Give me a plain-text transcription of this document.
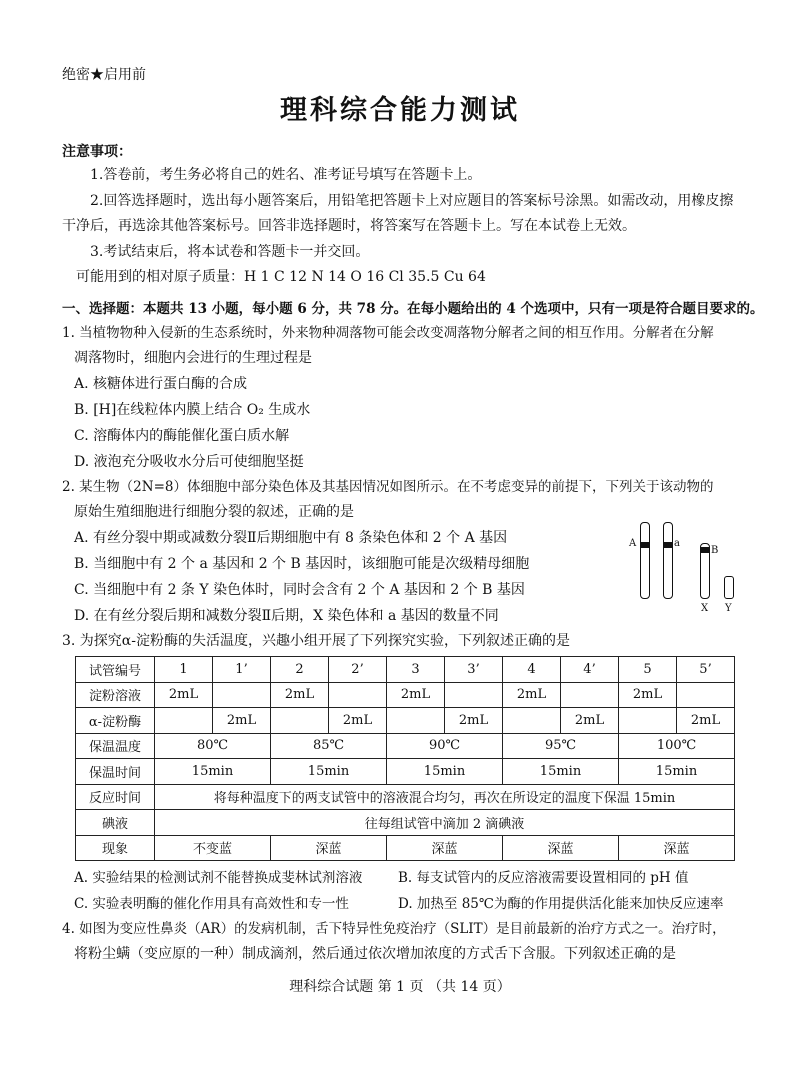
绝密★启用前
理科综合能力测试
注意事项：
1.答卷前，考生务必将自己的姓名、准考证号填写在答题卡上。
2.回答选择题时，选出每小题答案后，用铅笔把答题卡上对应题目的答案标号涂黑。如需改动，用橡皮擦
干净后，再选涂其他答案标号。回答非选择题时，将答案写在答题卡上。写在本试卷上无效。
3.考试结束后，将本试卷和答题卡一并交回。
可能用到的相对原子质量：H 1 C 12 N 14 O 16 Cl 35.5 Cu 64
一、选择题：本题共 13 小题，每小题 6 分，共 78 分。在每小题给出的 4 个选项中，只有一项是符合题目要求的。
1. 当植物物种入侵新的生态系统时，外来物种凋落物可能会改变凋落物分解者之间的相互作用。分解者在分解
凋落物时，细胞内会进行的生理过程是
A. 核糖体进行蛋白酶的合成
B. [H]在线粒体内膜上结合 O₂ 生成水
C. 溶酶体内的酶能催化蛋白质水解
D. 液泡充分吸收水分后可使细胞坚挺
2. 某生物（2N=8）体细胞中部分染色体及其基因情况如图所示。在不考虑变异的前提下，下列关于该动物的
原始生殖细胞进行细胞分裂的叙述，正确的是
A. 有丝分裂中期或减数分裂Ⅱ后期细胞中有 8 条染色体和 2 个 A 基因
B. 当细胞中有 2 个 a 基因和 2 个 B 基因时，该细胞可能是次级精母细胞
C. 当细胞中有 2 条 Y 染色体时，同时会含有 2 个 A 基因和 2 个 B 基因
D. 在有丝分裂后期和减数分裂Ⅱ后期，X 染色体和 a 基因的数量不同
A	a
B
X Y
3. 为探究α-淀粉酶的失活温度，兴趣小组开展了下列探究实验，下列叙述正确的是
试管编号	1	1’	2	2’	3	3’	4	4’	5	5’
淀粉溶液	2mL		2mL		2mL		2mL		2mL	
α-淀粉酶		2mL		2mL		2mL		2mL		2mL
保温温度	80℃		85℃		90℃		95℃		100℃	
保温时间	15min		15min		15min		15min		15min	
反应时间	将每种温度下的两支试管中的溶液混合均匀，再次在所设定的温度下保温 15min									
碘液	往每组试管中滴加 2 滴碘液									
现象	不变蓝		深蓝		深蓝		深蓝		深蓝	
A. 实验结果的检测试剂不能替换成斐林试剂溶液	B. 每支试管内的反应溶液需要设置相同的 pH 值
C. 实验表明酶的催化作用具有高效性和专一性	D. 加热至 85℃为酶的作用提供活化能来加快反应速率
4. 如图为变应性鼻炎（AR）的发病机制，舌下特异性免疫治疗（SLIT）是目前最新的治疗方式之一。治疗时，
将粉尘螨（变应原的一种）制成滴剂，然后通过依次增加浓度的方式舌下含服。下列叙述正确的是
理科综合试题 第 1 页 （共 14 页）
